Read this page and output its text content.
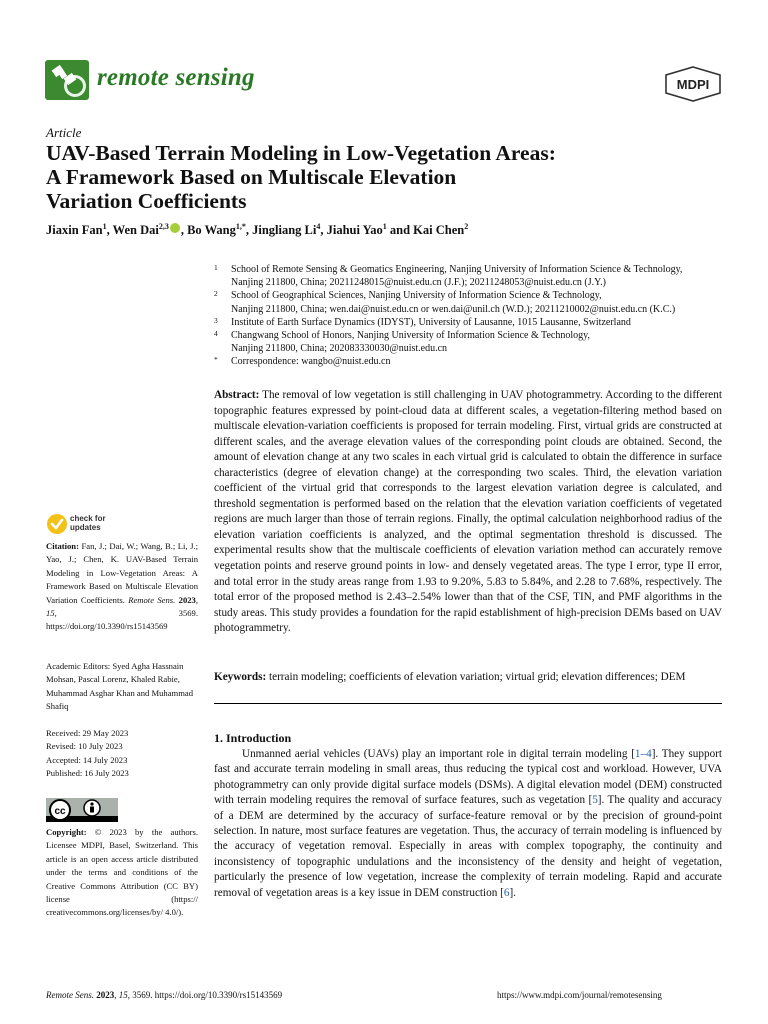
remote sensing	MDPI
Article
UAV-Based Terrain Modeling in Low-Vegetation Areas:
A Framework Based on Multiscale Elevation
Variation Coefficients
Jiaxin Fan$^1$, Wen Dai$^{2,3}$ , Bo Wang$^{1,*}$, Jingliang Li$^4$, Jiahui Yao$^1$ and Kai Chen$^2$
1 School of Remote Sensing & Geomatics Engineering, Nanjing University of Information Science & Technology,
Nanjing 211800, China; 20211248015@nuist.edu.cn (J.F.); 20211248053@nuist.edu.cn (J.Y.)
2 School of Geographical Sciences, Nanjing University of Information Science & Technology,
Nanjing 211800, China; wen.dai@nuist.edu.cn or wen.dai@unil.ch (W.D.); 20211210002@nuist.edu.cn (K.C.)
3 Institute of Earth Surface Dynamics (IDYST), University of Lausanne, 1015 Lausanne, Switzerland
4 Changwang School of Honors, Nanjing University of Information Science & Technology,
Nanjing 211800, China; 202083330030@nuist.edu.cn
* Correspondence: wangbo@nuist.edu.cn
Abstract: The removal of low vegetation is still challenging in UAV photogrammetry. According to the different topographic features expressed by point-cloud data at different scales, a vegetation-filtering method based on multiscale elevation-variation coefficients is proposed for terrain modeling. First, virtual grids are constructed at different scales, and the average elevation values of the corresponding point clouds are obtained. Second, the amount of elevation change at any two scales in each virtual grid is calculated to obtain the difference in surface characteristics (degree of elevation change) at the corresponding two scales. Third, the elevation variation coefficient of the virtual grid that corresponds to the largest elevation variation degree is calculated, and threshold segmentation is performed based on the relation that the elevation variation coefficients of vegetated regions are much larger than those of terrain regions. Finally, the optimal calculation neighborhood radius of the elevation variation coefficients is analyzed, and the optimal segmentation threshold is discussed. The experimental results show that the multiscale coefficients of elevation variation method can accurately remove vegetation points and reserve ground points in low- and densely vegetated areas. The type I error, type II error, and total error in the study areas range from 1.93 to 9.20%, 5.83 to 5.84%, and 2.28 to 7.68%, respectively. The total error of the proposed method is 2.43–2.54% lower than that of the CSF, TIN, and PMF algorithms in the study areas. This study provides a foundation for the rapid establishment of high-precision DEMs based on UAV photogrammetry.
Keywords: terrain modeling; coefficients of elevation variation; virtual grid; elevation differences; DEM
1. Introduction

Unmanned aerial vehicles (UAVs) play an important role in digital terrain modeling [1–4]. They support fast and accurate terrain modeling in small areas, thus reducing the typical cost and workload. However, UVA photogrammetry can only provide digital surface models (DSMs). A digital elevation model (DEM) constructed with terrain modeling requires the removal of surface features, such as vegetation [5]. The quality and accuracy of a DEM are determined by the accuracy of surface-feature removal or by the precision of ground-point selection. In nature, most surface features are vegetation. Thus, the accuracy of terrain modeling is influenced by the accuracy of vegetation removal. Especially in areas with complex topography, the continuity and inconsistency of topographic undulations and the inconsistency of the density and height of vegetation, particularly the presence of low vegetation, increase the complexity of terrain modeling. Rapid and accurate removal of vegetation areas is a key issue in DEM construction [6].

check for
updates
Citation: Fan, J.; Dai, W.; Wang, B.; Li, J.; Yao, J.; Chen, K. UAV-Based Terrain Modeling in Low-Vegetation Areas: A Framework Based on Multiscale Elevation Variation Coefficients. Remote Sens. 2023, 15, 3569. https://doi.org/10.3390/rs15143569
Academic Editors: Syed Agha Hassnain Mohsan, Pascal Lorenz, Khaled Rabie, Muhammad Asghar Khan and Muhammad Shafiq
Received: 29 May 2023
Revised: 10 July 2023
Accepted: 14 July 2023
Published: 16 July 2023
cc
Copyright: © 2023 by the authors. Licensee MDPI, Basel, Switzerland. This article is an open access article distributed under the terms and conditions of the Creative Commons Attribution (CC BY) license (https:// creativecommons.org/licenses/by/ 4.0/).
Remote Sens. 2023, 15, 3569. https://doi.org/10.3390/rs15143569	https://www.mdpi.com/journal/remotesensing
